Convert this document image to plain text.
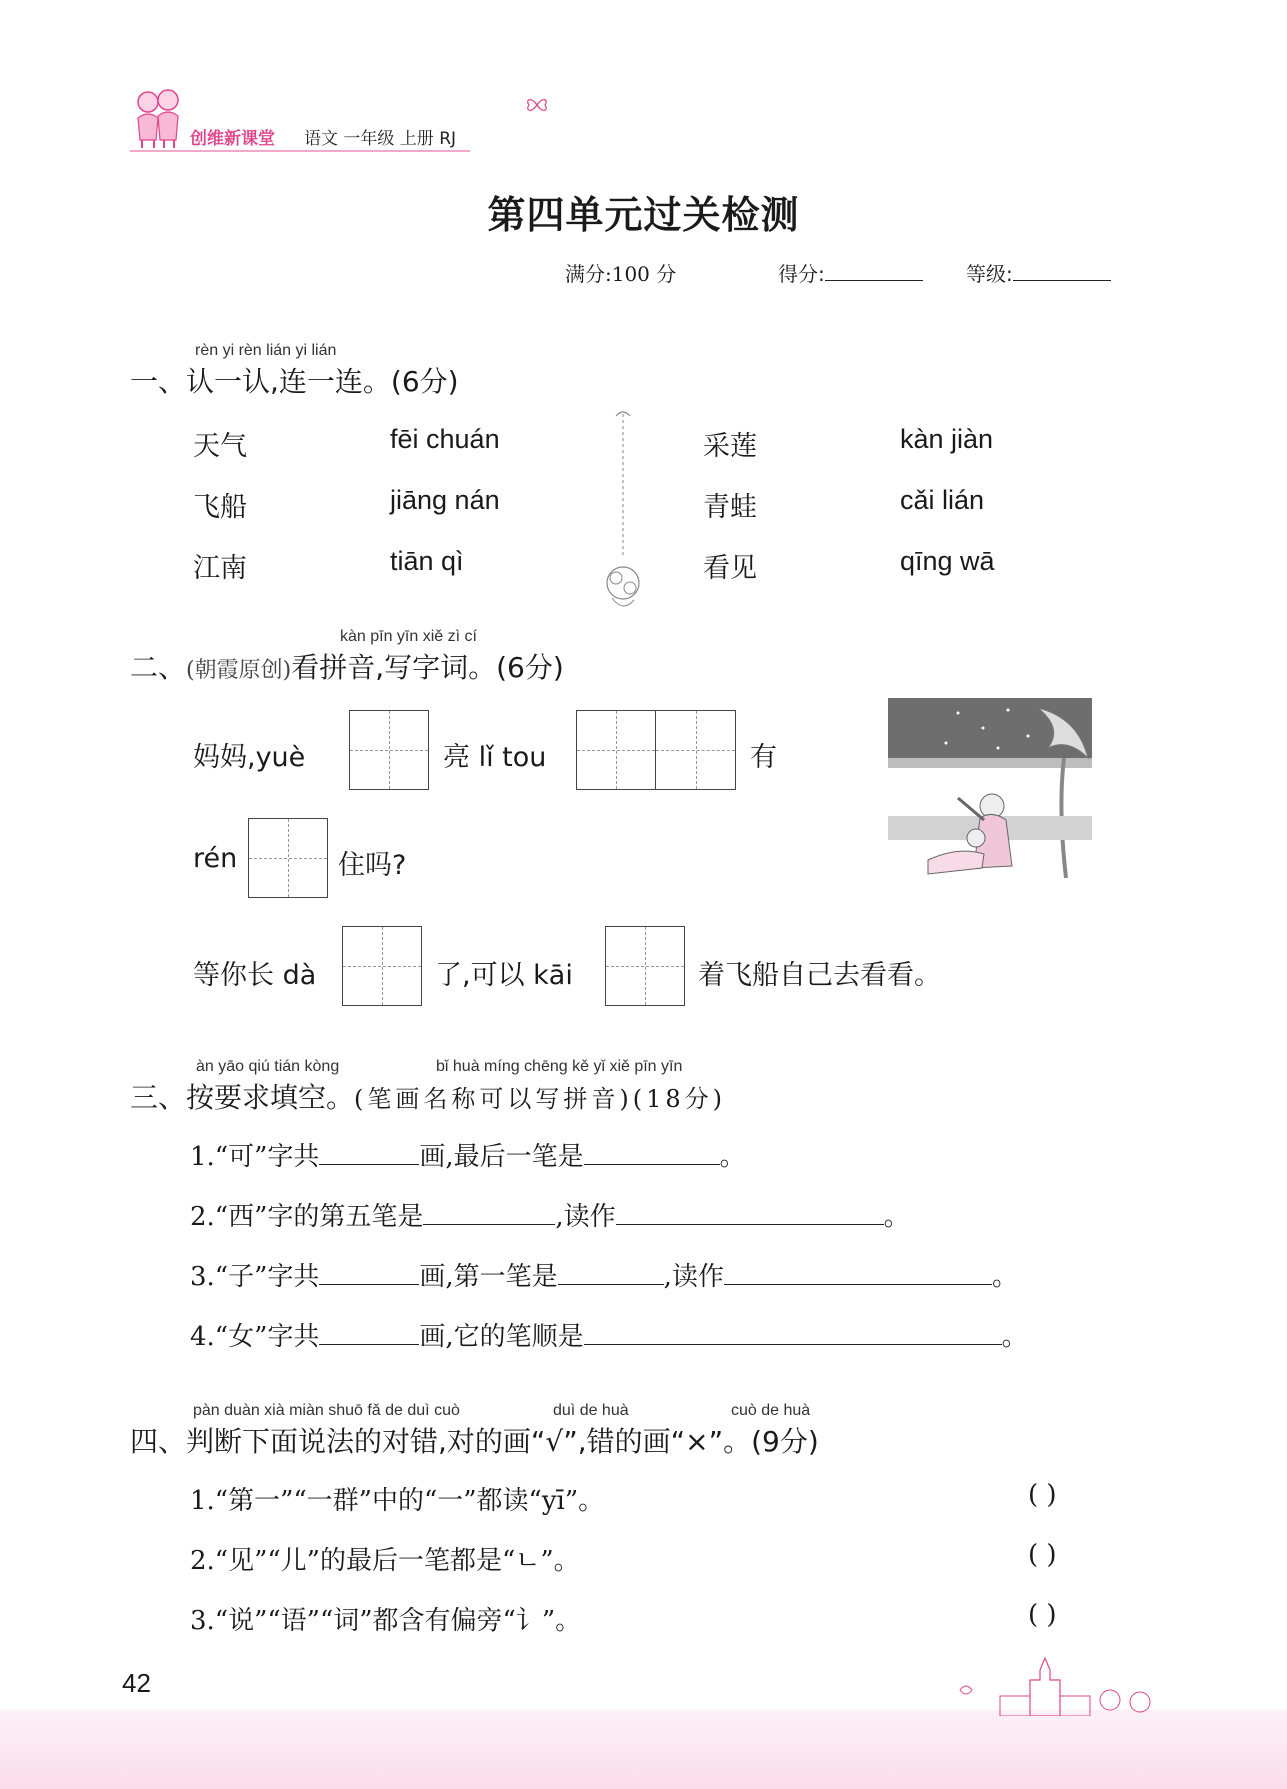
创维新课堂 语文 一年级 上册 RJ
第四单元过关检测
满分:100 分	得分:	等级:
rèn yi rèn lián yi lián
一、认一认,连一连。(6分)
天气
飞船
江南
fēi chuán
jiāng nán
tiān qì
采莲
青蛙
看见
kàn jiàn
cǎi lián
qīng wā
kàn pīn yīn xiě zì cí
二、(朝霞原创)看拼音,写字词。(6分)
妈妈,yuè	亮 lǐ tou	有
rén	住吗?
等你长 dà	了,可以 kāi	着飞船自己去看看。
àn yāo qiú tián kòng	bǐ huà míng chēng kě yǐ xiě pīn yīn
三、按要求填空。(笔画名称可以写拼音)(18分)
1.“可”字共	画,最后一笔是	。
2.“西”字的第五笔是	,读作	。
3.“子”字共	画,第一笔是	,读作	。
4.“女”字共	画,它的笔顺是	。
pàn duàn xià miàn shuō fǎ de duì cuò	duì de huà	cuò de huà
四、判断下面说法的对错,对的画“√”,错的画“×”。(9分)
1.“第一”“一群”中的“一”都读“yī”。	( )
2.“见”“儿”的最后一笔都是“ㄴ”。	( )
3.“说”“语”“词”都含有偏旁“讠”。	( )
42
